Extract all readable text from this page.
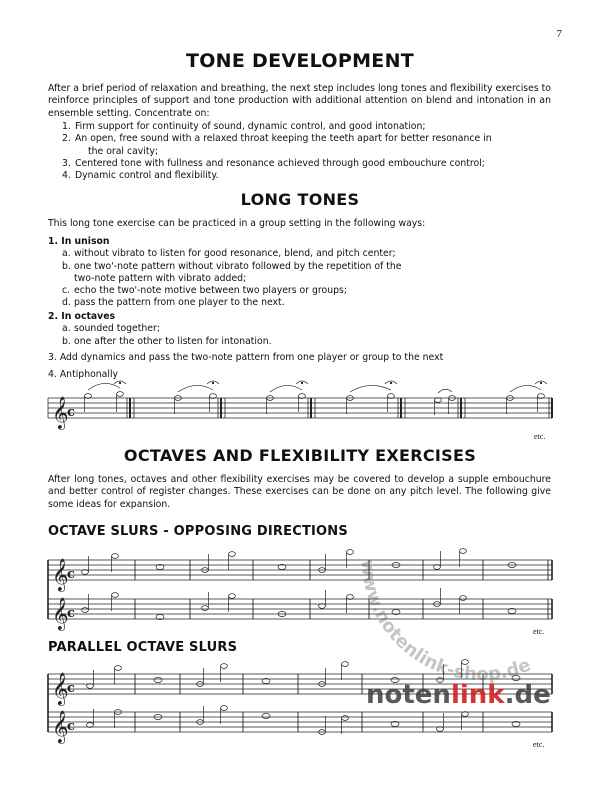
7
TONE DEVELOPMENT

After a brief period of relaxation and breathing, the next step includes long tones and flexibility exercises to reinforce principles of support and tone production with additional attention on blend and intonation in an ensemble setting. Concentrate on:

1. Firm support for continuity of sound, dynamic control, and good intonation;
2. An open, free sound with a relaxed throat keeping the teeth apart for better resonance in
the oral cavity;
3. Centered tone with fullness and resonance achieved through good embouchure control;
4. Dynamic control and flexibility.
LONG TONES

This long tone exercise can be practiced in a group setting in the following ways:

1. In unison
a. without vibrato to listen for good resonance, blend, and pitch center;
b. one two'-note pattern without vibrato followed by the repetition of the
two-note pattern with vibrato added;
c. echo the two'-note motive between two players or groups;
d. pass the pattern from one player to the next.
2. In octaves
a. sounded together;
b. one after the other to listen for intonation.
3. Add dynamics and pass the two-note pattern from one player or group to the next
4. Antiphonally
etc.
OCTAVES AND FLEXIBILITY EXERCISES

After long tones, octaves and other flexibility exercises may be covered to develop a supple embouchure and better control of register changes. These exercises can be done on any pitch level. The following give some ideas for expansion.

OCTAVE SLURS - OPPOSING DIRECTIONS
etc.
PARALLEL OCTAVE SLURS
etc.
𝄞
𝄞
𝄞
𝄞
𝄞
c
c
c
c
c
www.notenlink-shop.de
notenlink.de
